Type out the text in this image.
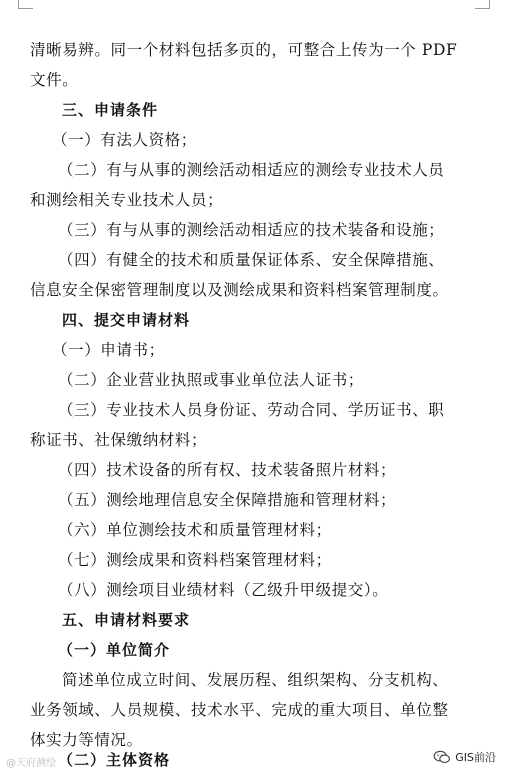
清晰易辨。同一个材料包括多页的，可整合上传为一个 PDF
文件。
三、申请条件
（一）有法人资格；
（二）有与从事的测绘活动相适应的测绘专业技术人员
和测绘相关专业技术人员；
（三）有与从事的测绘活动相适应的技术装备和设施；
（四）有健全的技术和质量保证体系、安全保障措施、
信息安全保密管理制度以及测绘成果和资料档案管理制度。
四、提交申请材料
（一）申请书；
（二）企业营业执照或事业单位法人证书；
（三）专业技术人员身份证、劳动合同、学历证书、职
称证书、社保缴纳材料；
（四）技术设备的所有权、技术装备照片材料；
（五）测绘地理信息安全保障措施和管理材料；
（六）单位测绘技术和质量管理材料；
（七）测绘成果和资料档案管理材料；
（八）测绘项目业绩材料（乙级升甲级提交）。
五、申请材料要求
（一）单位简介
简述单位成立时间、发展历程、组织架构、分支机构、
业务领域、人员规模、技术水平、完成的重大项目、单位整
体实力等情况。
（二）主体资格
@天府测绘	GIS前沿
